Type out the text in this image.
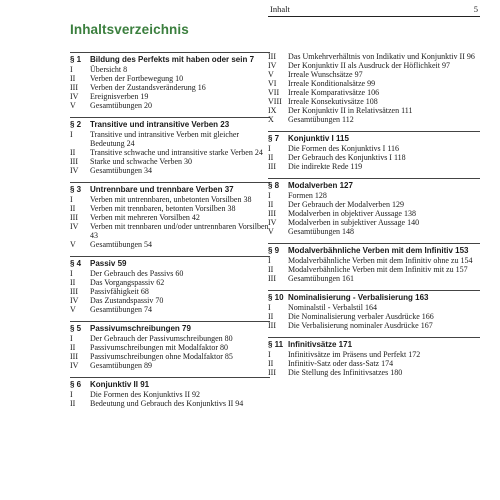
Inhalt	5
Inhaltsverzeichnis
§ 1	Bildung des Perfekts mit haben oder sein 7
I	Übersicht 8
II	Verben der Fortbewegung 10
III	Verben der Zustandsveränderung 16
IV	Ereignisverben 19
V	Gesamtübungen 20
§ 2	Transitive und intransitive Verben 23
I	Transitive und intransitive Verben mit gleicher Bedeutung 24
II	Transitive schwache und intransitive starke Verben 24
III	Starke und schwache Verben 30
IV	Gesamtübungen 34
§ 3	Untrennbare und trennbare Verben 37
I	Verben mit untrennbaren, unbetonten Vorsilben 38
II	Verben mit trennbaren, betonten Vorsilben 38
III	Verben mit mehreren Vorsilben 42
IV	Verben mit trennbaren und/oder untrennbaren Vorsilben 43
V	Gesamtübungen 54
§ 4	Passiv 59
I	Der Gebrauch des Passivs 60
II	Das Vorgangspassiv 62
III	Passivfähigkeit 68
IV	Das Zustandspassiv 70
V	Gesamtübungen 74
§ 5	Passivumschreibungen 79
I	Der Gebrauch der Passivumschreibungen 80
II	Passivumschreibungen mit Modalfaktor 80
III	Passivumschreibungen ohne Modalfaktor 85
IV	Gesamtübungen 89
§ 6	Konjunktiv II 91
I	Die Formen des Konjunktivs II 92
II	Bedeutung und Gebrauch des Konjunktivs II 94
III	Das Umkehrverhältnis von Indikativ und Konjunktiv II 96
IV	Der Konjunktiv II als Ausdruck der Höflichkeit 97
V	Irreale Wunschsätze 97
VI	Irreale Konditionalsätze 99
VII	Irreale Komparativsätze 106
VIII Irreale Konsekutivsätze 108
IX	Der Konjunktiv II in Relativsätzen 111
X	Gesamtübungen 112
§ 7	Konjunktiv I 115
I	Die Formen des Konjunktivs I 116
II	Der Gebrauch des Konjunktivs I 118
III	Die indirekte Rede 119
§ 8	Modalverben 127
I	Formen 128
II	Der Gebrauch der Modalverben 129
III	Modalverben in objektiver Aussage 138
IV	Modalverben in subjektiver Aussage 140
V	Gesamtübungen 148
§ 9	Modalverbähnliche Verben mit dem Infinitiv 153
I	Modalverbähnliche Verben mit dem Infinitiv ohne zu 154
II	Modalverbähnliche Verben mit dem Infinitiv mit zu 157
III	Gesamtübungen 161
§ 10 Nominalisierung - Verbalisierung 163
I	Nominalstil - Verbalstil 164
II	Die Nominalisierung verbaler Ausdrücke 166
III	Die Verbalisierung nominaler Ausdrücke 167
§ 11 Infinitivsätze 171
I	Infinitivsätze im Präsens und Perfekt 172
II	Infinitiv-Satz oder dass-Satz 174
III	Die Stellung des Infinitivsatzes 180
